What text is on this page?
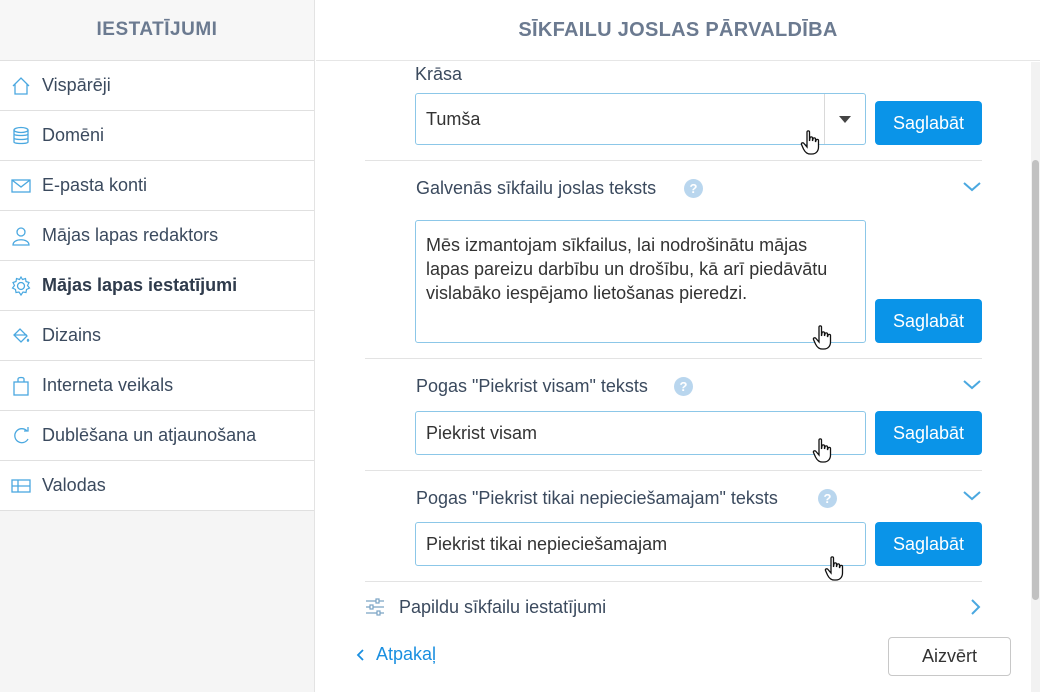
IESTATĪJUMI
Vispārēji
Domēni
E-pasta konti
Mājas lapas redaktors
Mājas lapas iestatījumi
Dizains
Interneta veikals
Dublēšana un atjaunošana
Valodas
SĪKFAILU JOSLAS PĀRVALDĪBA
Krāsa
Tumša	Saglabāt
Galvenās sīkfailu joslas teksts	?
Mēs izmantojam sīkfailus, lai nodrošinātu mājas lapas pareizu darbību un drošību, kā arī piedāvātu vislabāko iespējamo lietošanas pieredzi.
Saglabāt
Pogas "Piekrist visam" teksts	?
Piekrist visam	Saglabāt
Pogas "Piekrist tikai nepieciešamajam" teksts	?
Piekrist tikai nepieciešamajam	Saglabāt
Papildu sīkfailu iestatījumi
Atpakaļ	Aizvērt
